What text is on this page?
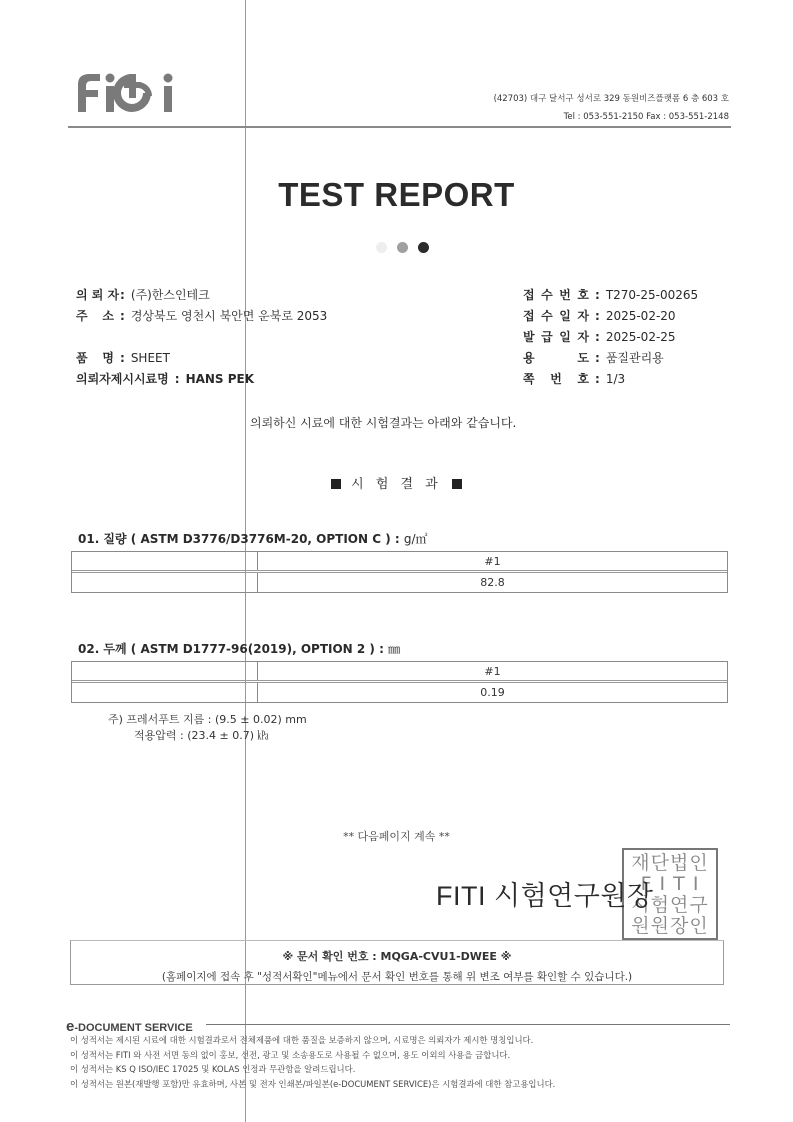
(42703) 대구 달서구 성서로 329 동원비즈플랫폼 6 층 603 호
Tel : 053-551-2150 Fax : 053-551-2148
TEST REPORT
의 뢰 자 : (주)한스인테크
주 소 : 경상북도 영천시 북안면 운북로 2053
품 명 : SHEET
의뢰자제시시료명 : HANS PEK
접 수 번 호 : T270-25-00265
접 수 일 자 : 2025-02-20
발 급 일 자 : 2025-02-25
용 도 : 품질관리용
쪽 번 호 : 1/3
의뢰하신 시료에 대한 시험결과는 아래와 같습니다.
시 험 결 과
01. 질량 ( ASTM D3776/D3776M-20, OPTION C ) : g/㎡
#1
82.8
02. 두께 ( ASTM D1777-96(2019), OPTION 2 ) : ㎜
#1
0.19
주) 프레서푸트 지름 : (9.5 ± 0.02) mm
적용압력 : (23.4 ± 0.7) ㎪
** 다음페이지 계속 **
재단법인
F I T I
시험연구
원원장인
FITI 시험연구원장
※ 문서 확인 번호 : MQGA-CVU1-DWEE ※
(홈페이지에 접속 후 "성적서확인"메뉴에서 문서 확인 번호를 통해 위 변조 여부를 확인할 수 있습니다.)
e-DOCUMENT SERVICE
이 성적서는 제시된 시료에 대한 시험결과로서 전체제품에 대한 품질을 보증하지 않으며, 시료명은 의뢰자가 제시한 명칭입니다.
이 성적서는 FITI 와 사전 서면 동의 없이 홍보, 선전, 광고 및 소송용도로 사용될 수 없으며, 용도 이외의 사용을 금합니다.
이 성적서는 KS Q ISO/IEC 17025 및 KOLAS 인정과 무관함을 알려드립니다.
이 성적서는 원본(재발행 포함)만 유효하며, 사본 및 전자 인쇄본/파일본(e-DOCUMENT SERVICE)은 시험결과에 대한 참고용입니다.
